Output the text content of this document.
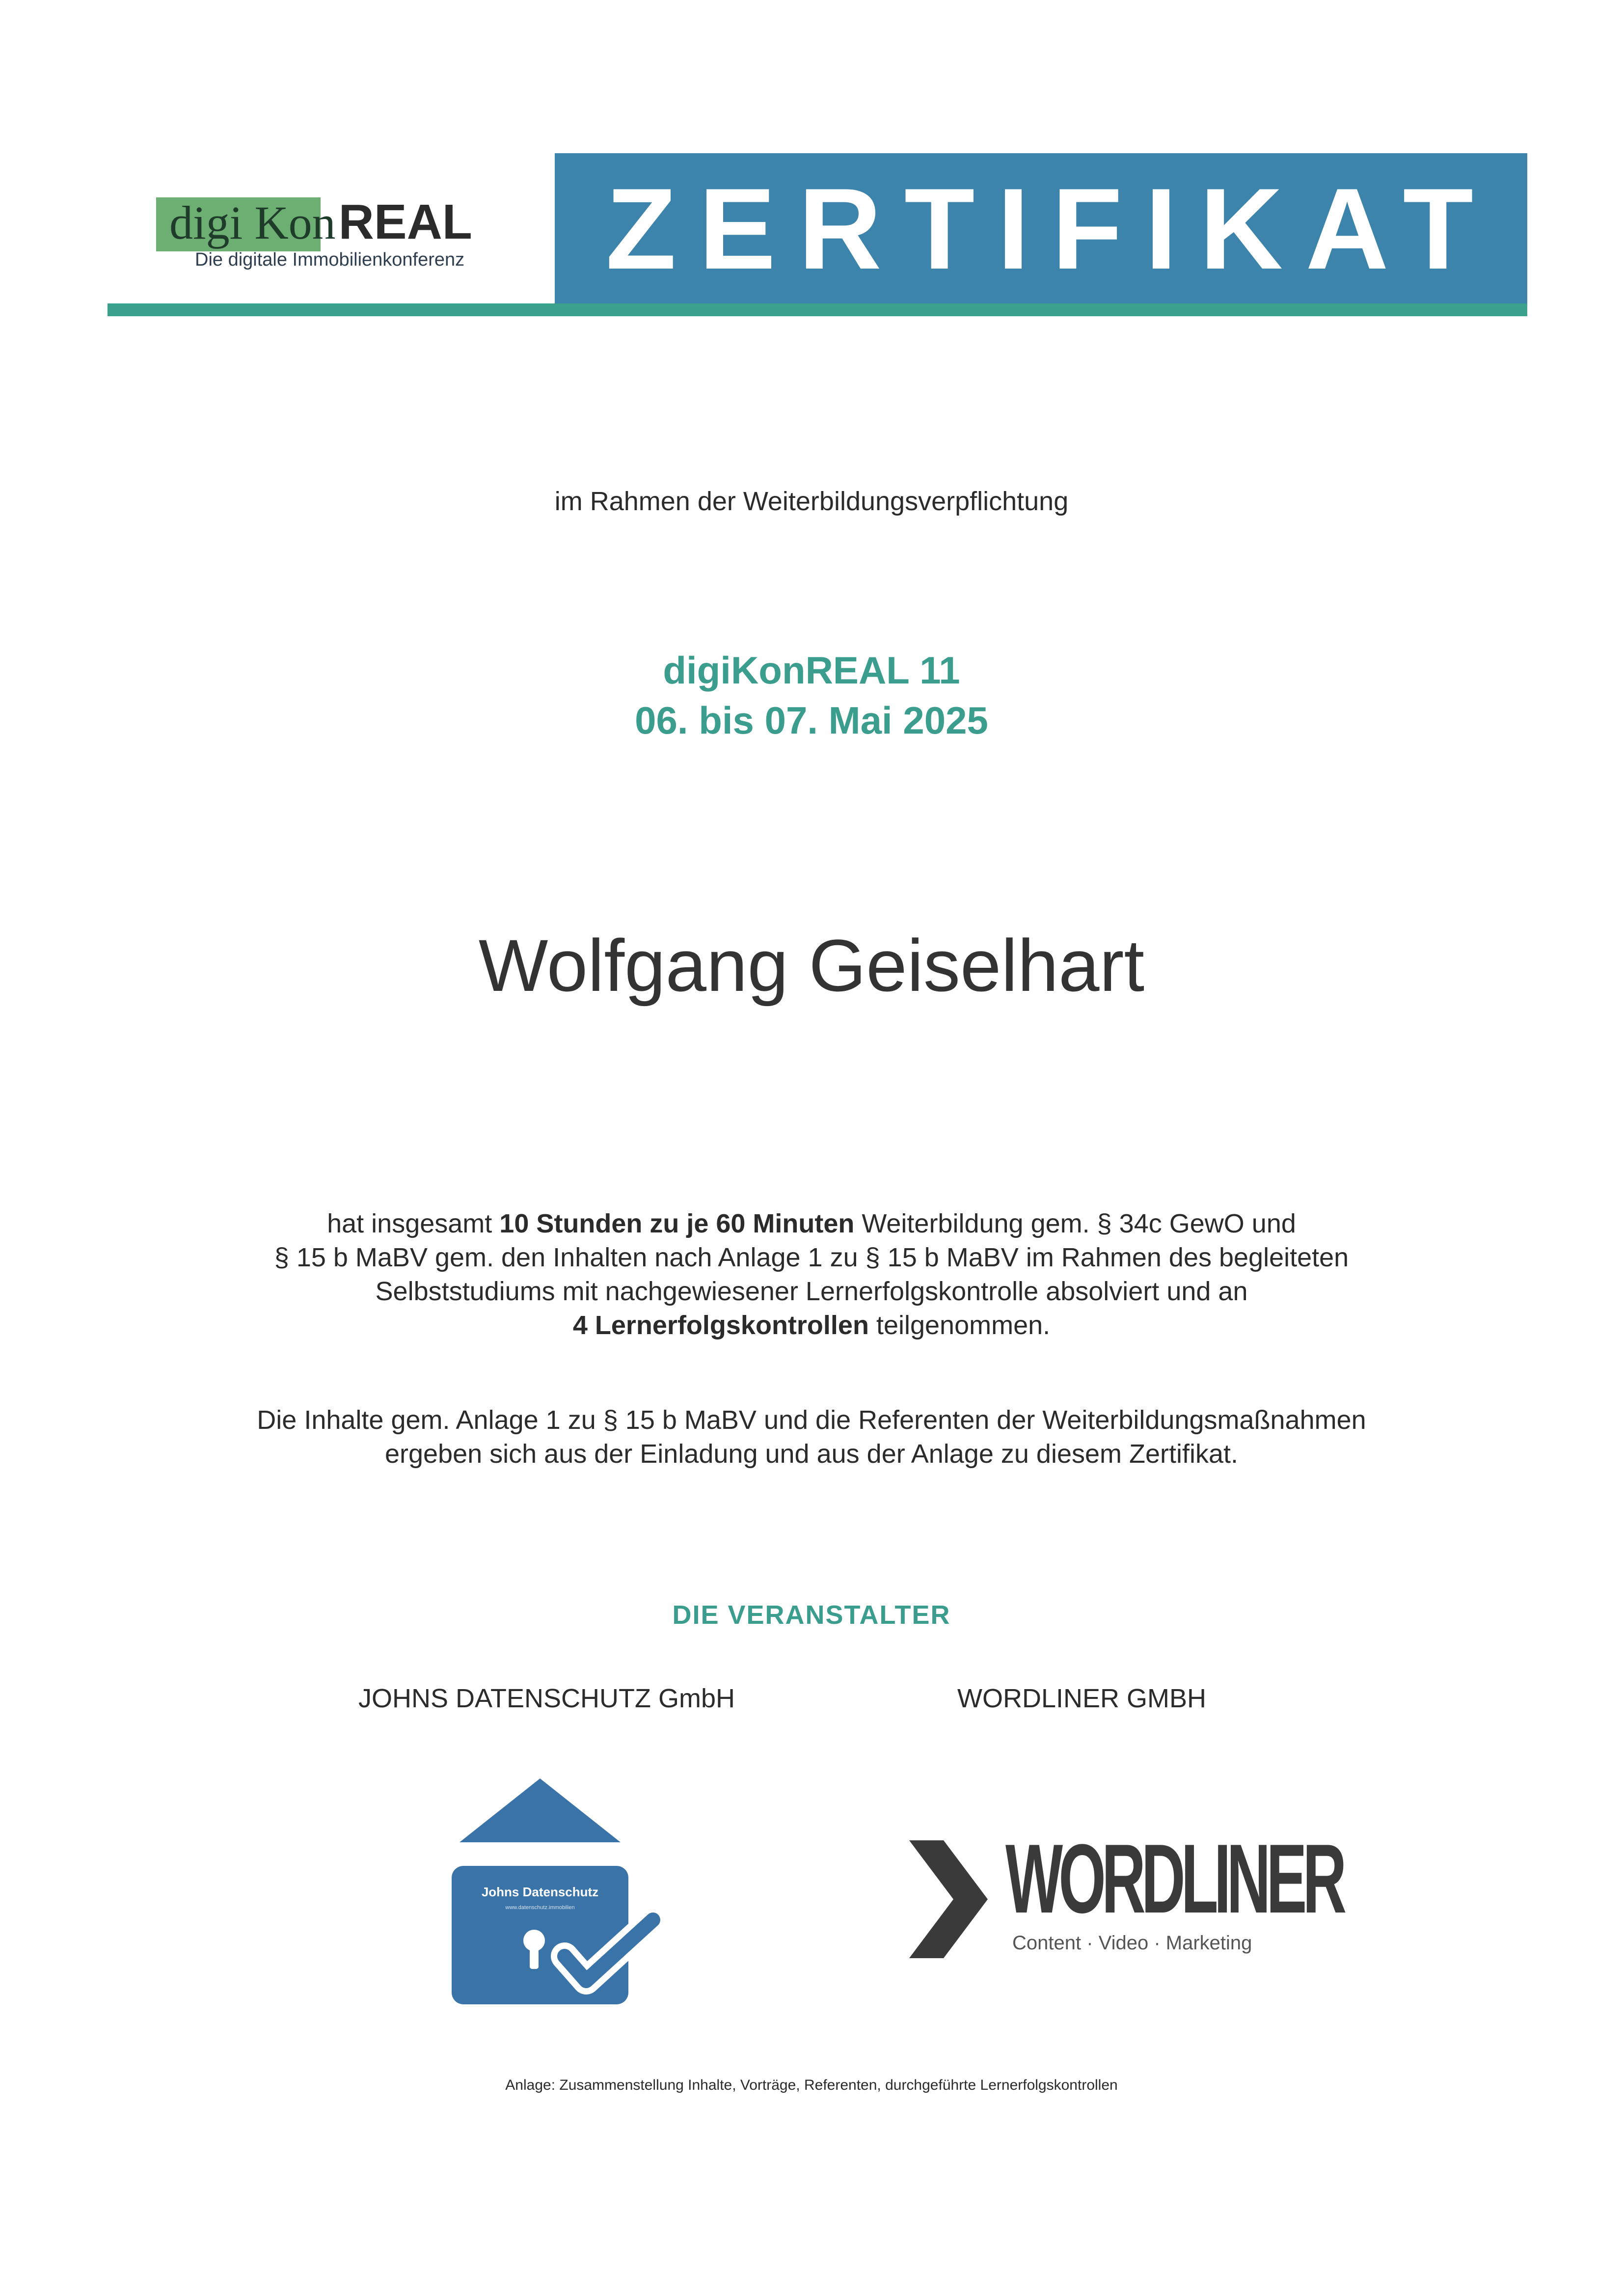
ZERTIFIKAT
digi KonREAL
Die digitale Immobilienkonferenz
im Rahmen der Weiterbildungsverpflichtung
digiKonREAL 11
06. bis 07. Mai 2025
Wolfgang Geiselhart
hat insgesamt 10 Stunden zu je 60 Minuten Weiterbildung gem. § 34c GewO und
§ 15 b MaBV gem. den Inhalten nach Anlage 1 zu § 15 b MaBV im Rahmen des begleiteten
Selbststudiums mit nachgewiesener Lernerfolgskontrolle absolviert und an
4 Lernerfolgskontrollen teilgenommen.
Die Inhalte gem. Anlage 1 zu § 15 b MaBV und die Referenten der Weiterbildungsmaßnahmen
ergeben sich aus der Einladung und aus der Anlage zu diesem Zertifikat.
DIE VERANSTALTER
JOHNS DATENSCHUTZ GmbH	WORDLINER GMBH
Johns Datenschutz
www.datenschutz.immobilien	WORDLINER
Content · Video · Marketing
Anlage: Zusammenstellung Inhalte, Vorträge, Referenten, durchgeführte Lernerfolgskontrollen
